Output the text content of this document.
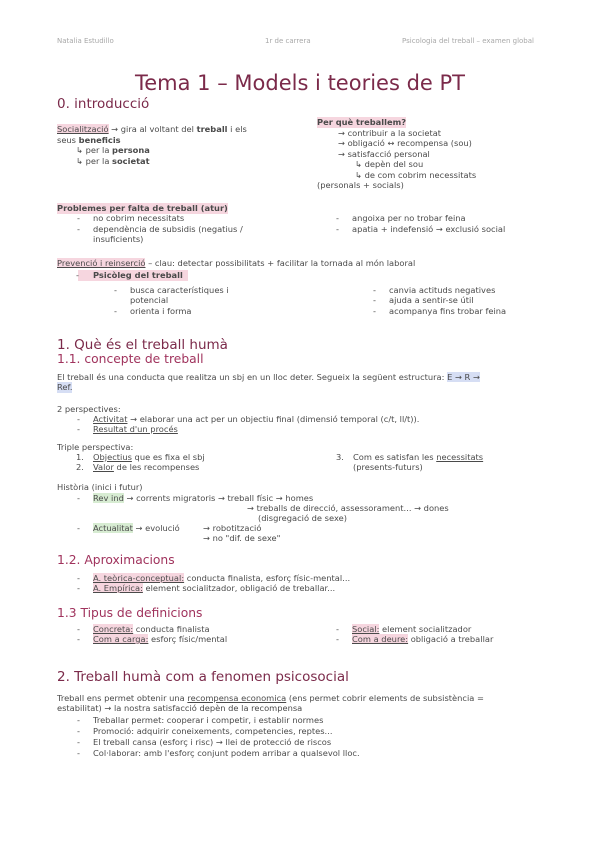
Natalia Estudillo	1r de carrera	Psicologia del treball – examen global
Tema 1 – Models i teories de PT
0. introducció
Socialització → gira al voltant del treball i els
seus beneficis
↳ per la persona
↳ per la societat
Per què treballem?
→ contribuir a la societat
→ obligació ↔ recompensa (sou)
→ satisfacció personal
↳ depèn del sou
↳ de com cobrim necessitats
(personals + socials)
Problemes per falta de treball (atur)
- no cobrim necessitats
- dependència de subsidis (negatius /
insuficients)
- angoixa per no trobar feina
- apatia + indefensió → exclusió social
Prevenció i reinserció – clau: detectar possibilitats + facilitar la tornada al món laboral
- Psicòleg del treball
- busca característiques i
potencial
- orienta i forma
- canvia actituds negatives
- ajuda a sentir-se útil
- acompanya fins trobar feina
1. Què és el treball humà
1.1. concepte de treball
El treball és una conducta que realitza un sbj en un lloc deter. Segueix la següent estructura: E → R →
Ref.
2 perspectives:
- Activitat → elaborar una act per un objectiu final (dimensió temporal (c/t, ll/t)).
- Resultat d'un procés
Triple perspectiva:
1. Objectius que es fixa el sbj
2. Valor de les recompenses
3. Com es satisfan les necessitats
(presents-futurs)
Història (inici i futur)
- Rev ind → corrents migratoris → treball físic → homes
→ treballs de direcció, assessorament... → dones
(disgregació de sexe)
- Actualitat → evolució	→ robotització
→ no "dif. de sexe"
1.2. Aproximacions
- A. teòrica-conceptual: conducta finalista, esforç físic-mental...
- A. Empírica: element socialitzador, obligació de treballar...
1.3 Tipus de definicions
- Concreta: conducta finalista
- Com a carga: esforç físic/mental
- Social: element socialitzador
- Com a deure: obligació a treballar
2. Treball humà com a fenomen psicosocial
Treball ens permet obtenir una recompensa economica (ens permet cobrir elements de subsistència =
estabilitat) → la nostra satisfacció depèn de la recompensa
- Treballar permet: cooperar i competir, i establir normes
- Promoció: adquirir coneixements, competencies, reptes...
- El treball cansa (esforç i risc) → llei de protecció de riscos
- Col·laborar: amb l'esforç conjunt podem arribar a qualsevol lloc.
